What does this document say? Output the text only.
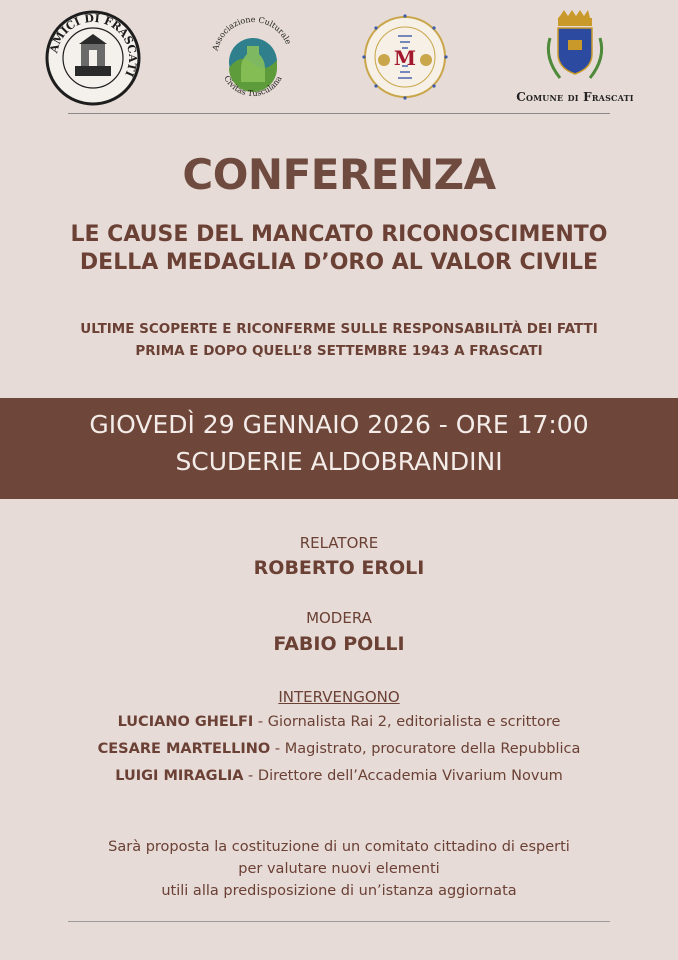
AMICI DI FRASCATI
Associazione Culturale
Civitas Tusculana
M
Comune di Frascati
CONFERENZA
LE CAUSE DEL MANCATO RICONOSCIMENTO
DELLA MEDAGLIA D’ORO AL VALOR CIVILE
ULTIME SCOPERTE E RICONFERME SULLE RESPONSABILITÀ DEI FATTI
PRIMA E DOPO QUELL’8 SETTEMBRE 1943 A FRASCATI
GIOVEDÌ 29 GENNAIO 2026 - ORE 17:00
SCUDERIE ALDOBRANDINI
RELATORE
ROBERTO EROLI
MODERA
FABIO POLLI
INTERVENGONO
LUCIANO GHELFI - Giornalista Rai 2, editorialista e scrittore
CESARE MARTELLINO - Magistrato, procuratore della Repubblica
LUIGI MIRAGLIA - Direttore dell’Accademia Vivarium Novum
Sarà proposta la costituzione di un comitato cittadino di esperti
per valutare nuovi elementi
utili alla predisposizione di un’istanza aggiornata
